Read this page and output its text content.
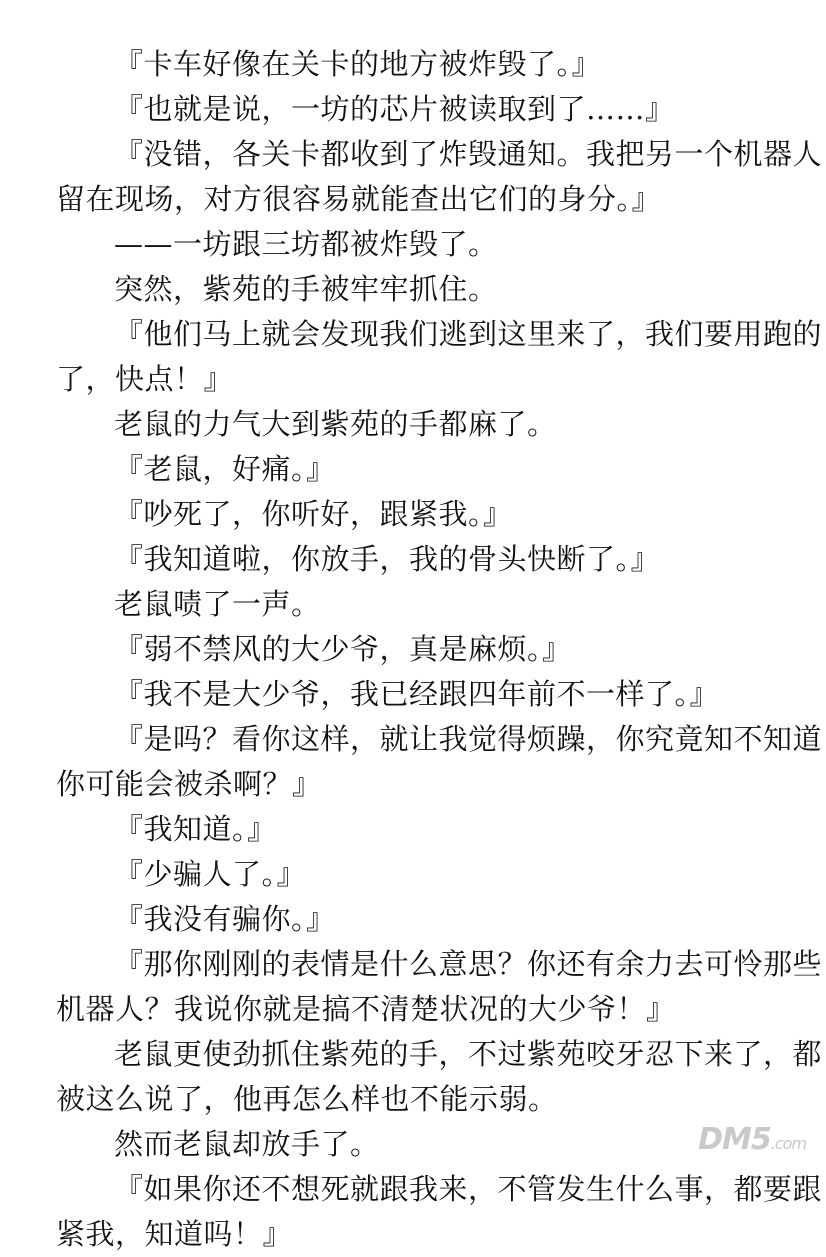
『卡车好像在关卡的地方被炸毁了。』

『也就是说，一坊的芯片被读取到了……』

『没错，各关卡都收到了炸毁通知。我把另一个机器人
留在现场，对方很容易就能查出它们的身分。』

——一坊跟三坊都被炸毁了。

突然，紫苑的手被牢牢抓住。

『他们马上就会发现我们逃到这里来了，我们要用跑的
了，快点！』

老鼠的力气大到紫苑的手都麻了。

『老鼠，好痛。』

『吵死了，你听好，跟紧我。』

『我知道啦，你放手，我的骨头快断了。』

老鼠啧了一声。

『弱不禁风的大少爷，真是麻烦。』

『我不是大少爷，我已经跟四年前不一样了。』

『是吗？看你这样，就让我觉得烦躁，你究竟知不知道
你可能会被杀啊？』

『我知道。』

『少骗人了。』

『我没有骗你。』

『那你刚刚的表情是什么意思？你还有余力去可怜那些
机器人？我说你就是搞不清楚状况的大少爷！』

老鼠更使劲抓住紫苑的手，不过紫苑咬牙忍下来了，都
被这么说了，他再怎么样也不能示弱。

然而老鼠却放手了。

『如果你还不想死就跟我来，不管发生什么事，都要跟
紧我，知道吗！』

DM5.com
